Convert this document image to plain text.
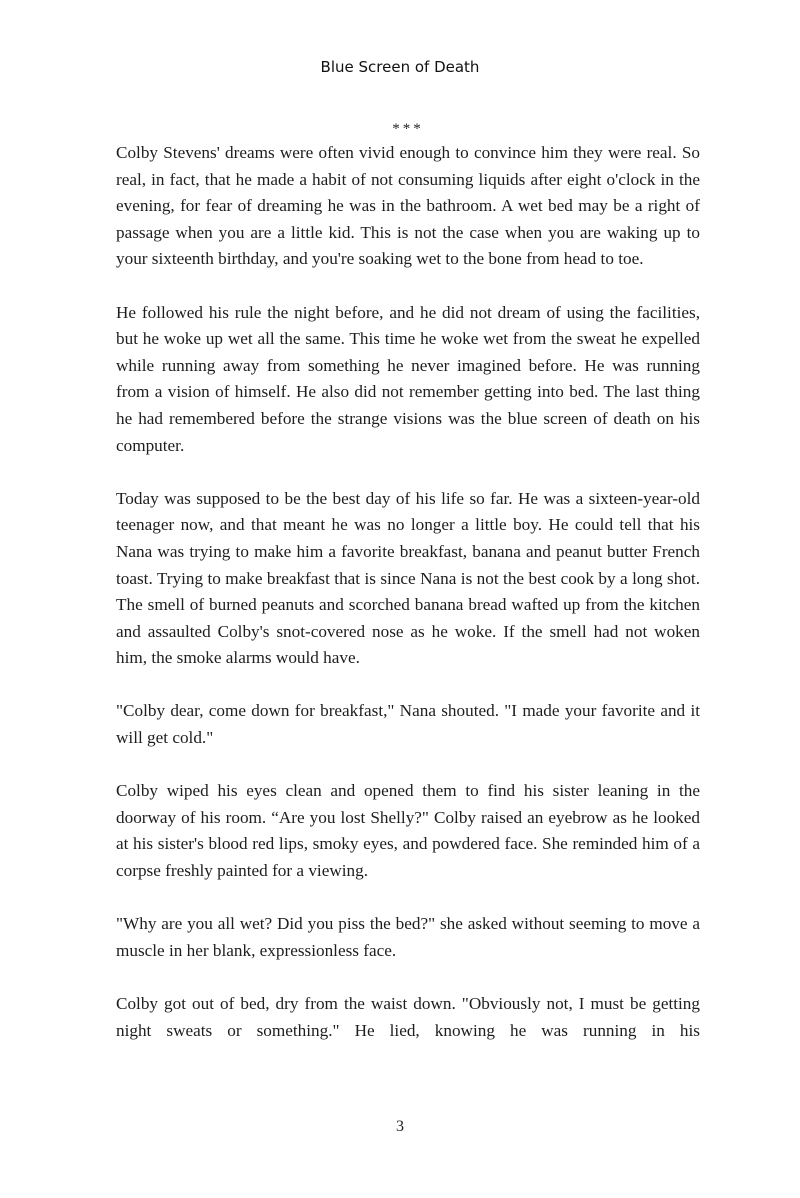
Blue Screen of Death

***

Colby Stevens' dreams were often vivid enough to convince him they were real. So real, in fact, that he made a habit of not consuming liquids after eight o'clock in the evening, for fear of dreaming he was in the bathroom. A wet bed may be a right of passage when you are a little kid. This is not the case when you are waking up to your sixteenth birthday, and you're soaking wet to the bone from head to toe.

He followed his rule the night before, and he did not dream of using the facilities, but he woke up wet all the same. This time he woke wet from the sweat he expelled while running away from something he never imagined before. He was running from a vision of himself. He also did not remember getting into bed. The last thing he had remembered before the strange visions was the blue screen of death on his computer.

Today was supposed to be the best day of his life so far. He was a sixteen-year-old teenager now, and that meant he was no longer a little boy. He could tell that his Nana was trying to make him a favorite breakfast, banana and peanut butter French toast. Trying to make breakfast that is since Nana is not the best cook by a long shot. The smell of burned peanuts and scorched banana bread wafted up from the kitchen and assaulted Colby's snot-covered nose as he woke. If the smell had not woken him, the smoke alarms would have.

"Colby dear, come down for breakfast," Nana shouted. "I made your favorite and it will get cold."

Colby wiped his eyes clean and opened them to find his sister leaning in the doorway of his room. “Are you lost Shelly?" Colby raised an eyebrow as he looked at his sister's blood red lips, smoky eyes, and powdered face. She reminded him of a corpse freshly painted for a viewing.

"Why are you all wet? Did you piss the bed?" she asked without seeming to move a muscle in her blank, expressionless face.

Colby got out of bed, dry from the waist down. "Obviously not, I must be getting night sweats or something." He lied, knowing he was running in his

3
